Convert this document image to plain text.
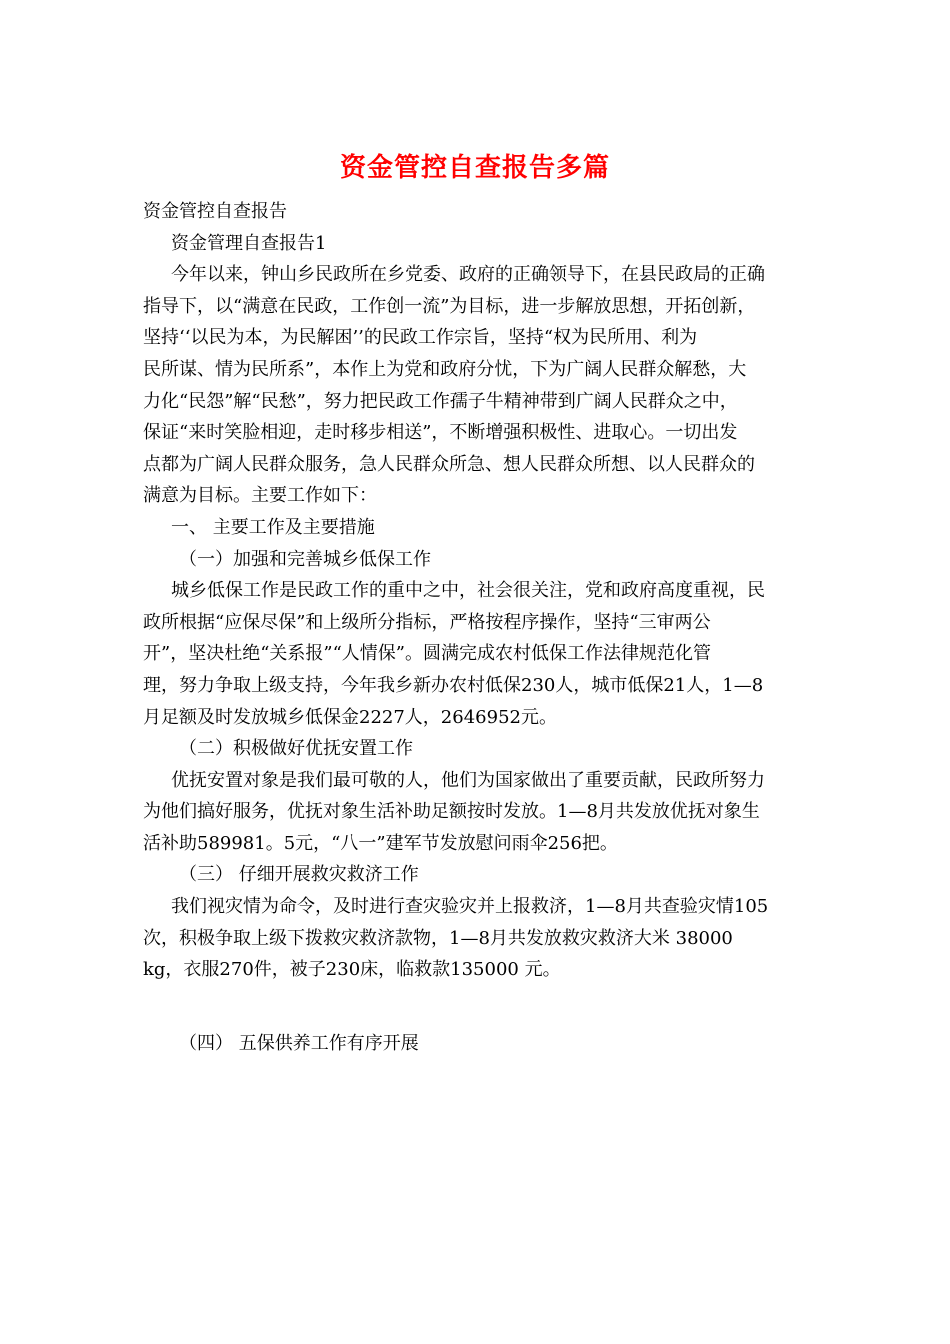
资金管控自查报告多篇

资金管控自查报告

资金管理自查报告1

今年以来，钟山乡民政所在乡党委、政府的正确领导下，在县民政局的正确

指导下，以“满意在民政，工作创一流”为目标，进一步解放思想，开拓创新，

坚持‘‘以民为本，为民解困’’的民政工作宗旨，坚持“权为民所用、利为

民所谋、情为民所系”，本作上为党和政府分忧，下为广阔人民群众解愁，大

力化“民怨”解“民愁”，努力把民政工作孺子牛精神带到广阔人民群众之中，

保证“来时笑脸相迎，走时移步相送”，不断增强积极性、进取心。一切出发

点都为广阔人民群众服务，急人民群众所急、想人民群众所想、以人民群众的

满意为目标。主要工作如下：

一、 主要工作及主要措施

（一）加强和完善城乡低保工作

城乡低保工作是民政工作的重中之中，社会很关注，党和政府高度重视，民

政所根据“应保尽保”和上级所分指标，严格按程序操作，坚持“三审两公

开”，坚决杜绝“关系报”“人情保”。圆满完成农村低保工作法律规范化管

理，努力争取上级支持，今年我乡新办农村低保230人，城市低保21人，1—8

月足额及时发放城乡低保金2227人，2646952元。

（二）积极做好优抚安置工作

优抚安置对象是我们最可敬的人，他们为国家做出了重要贡献，民政所努力

为他们搞好服务，优抚对象生活补助足额按时发放。1—8月共发放优抚对象生

活补助589981。5元，“八一”建军节发放慰问雨伞256把。

（三） 仔细开展救灾救济工作

我们视灾情为命令，及时进行查灾验灾并上报救济，1—8月共查验灾情105

次，积极争取上级下拨救灾救济款物，1—8月共发放救灾救济大米 38000

kg，衣服270件，被子230床，临救款135000 元。

（四） 五保供养工作有序开展
